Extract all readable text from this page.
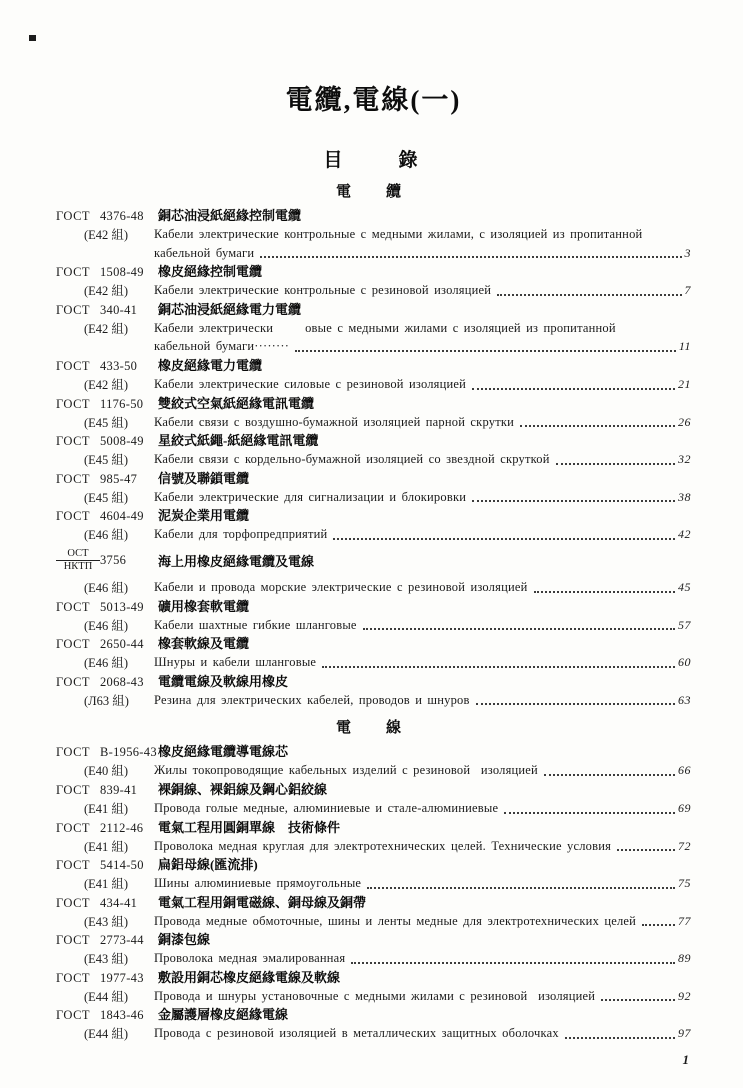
電纜,電線(一)
目　　錄
電　纜
ГОСТ 4376-48	銅芯油浸紙絕緣控制電纜
(Е42 組)	Кабели электрические контрольные с медными жилами, с изоляцией из пропитанной
кабельной бумаги	3
ГОСТ 1508-49	橡皮絕緣控制電纜
(Е42 組)	Кабели электрические контрольные с резиновой изоляцией	7
ГОСТ 340-41	銅芯油浸紙絕緣電力電纜
(Е42 組)	Кабели электрически      овые с медными жилами с изоляцией из пропитанной
кабельной бумаги········	11
ГОСТ 433-50	橡皮絕緣電力電纜
(Е42 組)	Кабели электрические силовые с резиновой изоляцией	21
ГОСТ 1176-50	雙絞式空氣紙絕緣電訊電纜
(Е45 組)	Кабели связи с воздушно-бумажной изоляцией парной скрутки	26
ГОСТ 5008-49	星絞式紙繩-紙絕緣電訊電纜
(Е45 組)	Кабели связи с кордельно-бумажной изоляцией со звездной скруткой	32
ГОСТ 985-47	信號及聯鎖電纜
(Е45 組)	Кабели электрические для сигнализации и блокировки	38
ГОСТ 4604-49	泥炭企業用電纜
(Е46 組)	Кабели для торфопредприятий	42
ОСТ
НКТП 3756	海上用橡皮絕緣電纜及電線
(Е46 組)	Кабели и провода морские электрические с резиновой изоляцией	45
ГОСТ 5013-49	礦用橡套軟電纜
(Е46 組)	Кабели шахтные гибкие шланговые	57
ГОСТ 2650-44	橡套軟線及電纜
(Е46 組)	Шнуры и кабели шланговые	60
ГОСТ 2068-43	電纜電線及軟線用橡皮
(Л63 組)	Резина для электрических кабелей, проводов и шнуров	63
電　線
ГОСТ В-1956-43 橡皮絕緣電纜導電線芯
(Е40 組)	Жилы токопроводящие кабельных изделий с резиновой  изоляцией	66
ГОСТ 839-41	裸銅線、裸鋁線及鋼心鋁絞線
(Е41 組)	Провода голые медные, алюминиевые и стале-алюминиевые	69
ГОСТ 2112-46	電氣工程用圓銅單線　技術條件
(Е41 組)	Проволока медная круглая для электротехнических целей. Технические условия	72
ГОСТ 5414-50	扁鋁母線(匯流排)
(Е41 組)	Шины алюминиевые прямоугольные	75
ГОСТ 434-41	電氣工程用銅電磁線、銅母線及銅帶
(Е43 組)	Провода медные обмоточные, шины и ленты медные для электротехнических целей	77
ГОСТ 2773-44	銅漆包線
(Е43 組)	Проволока медная эмалированная	89
ГОСТ 1977-43	敷設用銅芯橡皮絕緣電線及軟線
(Е44 組)	Провода и шнуры установочные с медными жилами с резиновой  изоляцией	92
ГОСТ 1843-46	金屬護層橡皮絕緣電線
(Е44 組)	Провода с резиновой изоляцией в металлических защитных оболочках	97
1
